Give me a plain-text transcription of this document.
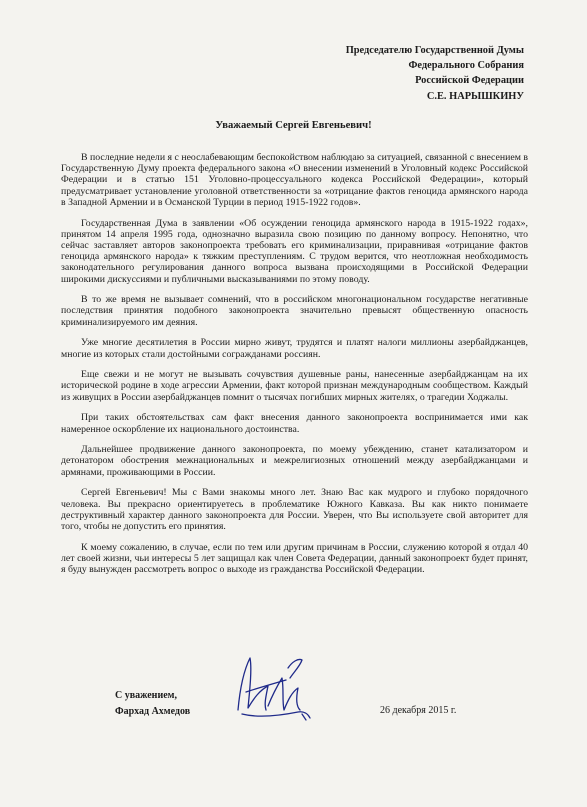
Председателю Государственной Думы
Федерального Собрания
Российской Федерации
С.Е. НАРЫШКИНУ
Уважаемый Сергей Евгеньевич!

В последние недели я с неослабевающим беспокойством наблюдаю за ситуацией, связанной с внесением в Государственную Думу проекта федерального закона «О внесении изменений в Уголовный кодекс Российской Федерации и в статью 151 Уголовно-процессуального кодекса Российской Федерации», который предусматривает установление уголовной ответственности за «отрицание фактов геноцида армянского народа в Западной Армении и в Османской Турции в период 1915-1922 годов».

Государственная Дума в заявлении «Об осуждении геноцида армянского народа в 1915-1922 годах», принятом 14 апреля 1995 года, однозначно выразила свою позицию по данному вопросу. Непонятно, что сейчас заставляет авторов законопроекта требовать его криминализации, приравнивая «отрицание фактов геноцида армянского народа» к тяжким преступлениям. С трудом верится, что неотложная необходимость законодательного регулирования данного вопроса вызвана происходящими в Российской Федерации широкими дискуссиями и публичными высказываниями по этому поводу.

В то же время не вызывает сомнений, что в российском многонациональном государстве негативные последствия принятия подобного законопроекта значительно превысят общественную опасность криминализируемого им деяния.

Уже многие десятилетия в России мирно живут, трудятся и платят налоги миллионы азербайджанцев, многие из которых стали достойными согражданами россиян.

Еще свежи и не могут не вызывать сочувствия душевные раны, нанесенные азербайджанцам на их исторической родине в ходе агрессии Армении, факт которой признан международным сообществом. Каждый из живущих в России азербайджанцев помнит о тысячах погибших мирных жителях, о трагедии Ходжалы.

При таких обстоятельствах сам факт внесения данного законопроекта воспринимается ими как намеренное оскорбление их национального достоинства.

Дальнейшее продвижение данного законопроекта, по моему убеждению, станет катализатором и детонатором обострения межнациональных и межрелигиозных отношений между азербайджанцами и армянами, проживающими в России.

Сергей Евгеньевич! Мы с Вами знакомы много лет. Знаю Вас как мудрого и глубоко порядочного человека. Вы прекрасно ориентируетесь в проблематике Южного Кавказа. Вы как никто понимаете деструктивный характер данного законопроекта для России. Уверен, что Вы используете свой авторитет для того, чтобы не допустить его принятия.

К моему сожалению, в случае, если по тем или другим причинам в России, служению которой я отдал 40 лет своей жизни, чьи интересы 5 лет защищал как член Совета Федерации, данный законопроект будет принят, я буду вынужден рассмотреть вопрос о выходе из гражданства Российской Федерации.

С уважением,
Фархад Ахмедов	26 декабря 2015 г.
